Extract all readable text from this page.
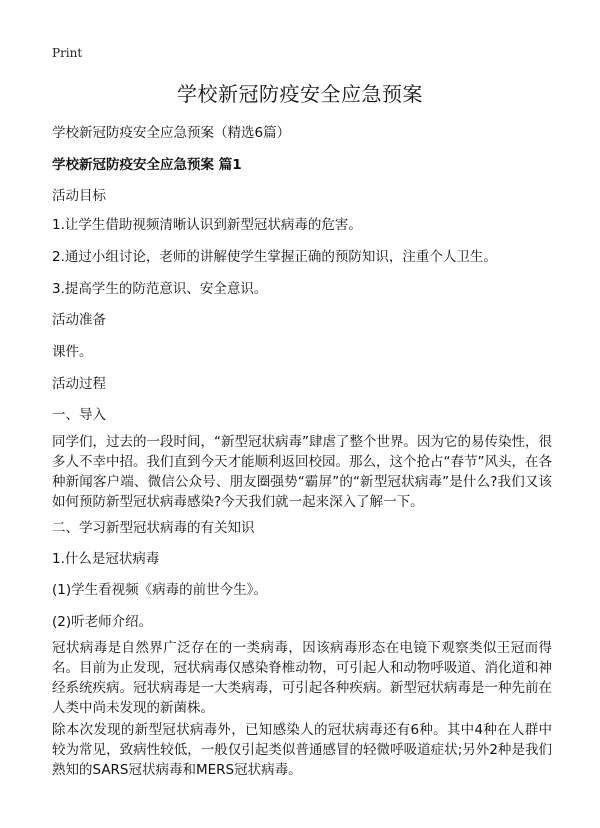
Print
学校新冠防疫安全应急预案

学校新冠防疫安全应急预案（精选6篇）

学校新冠防疫安全应急预案 篇1

活动目标

1.让学生借助视频清晰认识到新型冠状病毒的危害。

2.通过小组讨论，老师的讲解使学生掌握正确的预防知识，注重个人卫生。

3.提高学生的防范意识、安全意识。

活动准备

课件。

活动过程

一、导入

同学们，过去的一段时间，“新型冠状病毒”肆虐了整个世界。因为它的易传染性，很多人不幸中招。我们直到今天才能顺利返回校园。那么，这个抢占“春节”风头，在各种新闻客户端、微信公众号、朋友圈强势“霸屏”的“新型冠状病毒”是什么?我们又该如何预防新型冠状病毒感染?今天我们就一起来深入了解一下。

二、学习新型冠状病毒的有关知识

1.什么是冠状病毒

(1)学生看视频《病毒的前世今生》。

(2)听老师介绍。

冠状病毒是自然界广泛存在的一类病毒，因该病毒形态在电镜下观察类似王冠而得名。目前为止发现，冠状病毒仅感染脊椎动物，可引起人和动物呼吸道、消化道和神经系统疾病。冠状病毒是一大类病毒，可引起各种疾病。新型冠状病毒是一种先前在人类中尚未发现的新菌株。

除本次发现的新型冠状病毒外，已知感染人的冠状病毒还有6种。其中4种在人群中较为常见，致病性较低，一般仅引起类似普通感冒的轻微呼吸道症状;另外2种是我们熟知的SARS冠状病毒和MERS冠状病毒。
